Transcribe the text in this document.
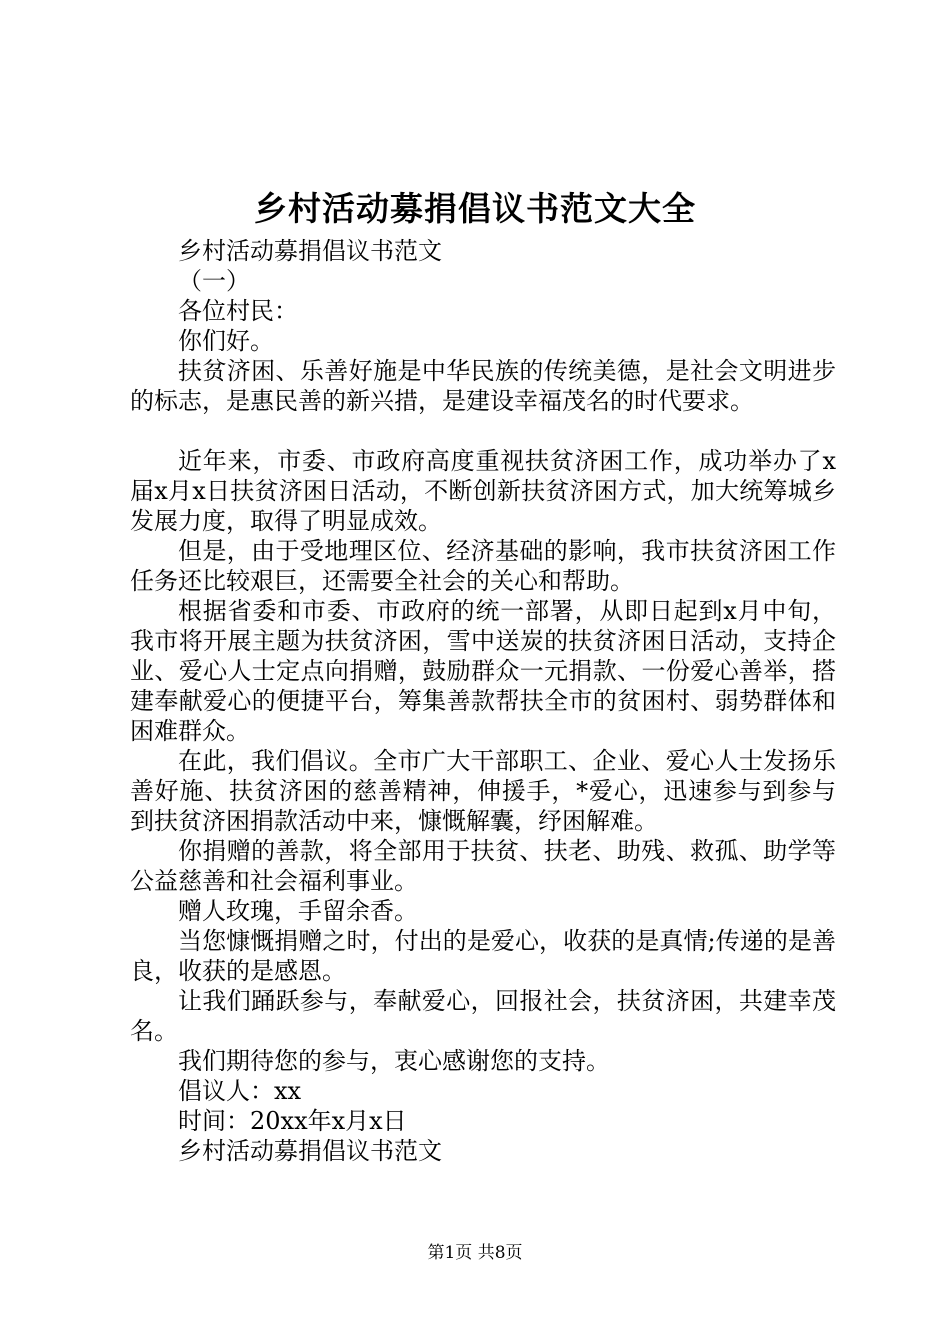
乡村活动募捐倡议书范文大全

乡村活动募捐倡议书范文

（一）

各位村民：

你们好。

扶贫济困、乐善好施是中华民族的传统美德，是社会文明进步的标志，是惠民善的新兴措，是建设幸福茂名的时代要求。

近年来，市委、市政府高度重视扶贫济困工作，成功举办了x届x月x日扶贫济困日活动，不断创新扶贫济困方式，加大统筹城乡发展力度，取得了明显成效。

但是，由于受地理区位、经济基础的影响，我市扶贫济困工作任务还比较艰巨，还需要全社会的关心和帮助。

根据省委和市委、市政府的统一部署，从即日起到x月中旬，我市将开展主题为扶贫济困，雪中送炭的扶贫济困日活动，支持企业、爱心人士定点向捐赠，鼓励群众一元捐款、一份爱心善举，搭建奉献爱心的便捷平台，筹集善款帮扶全市的贫困村、弱势群体和困难群众。

在此，我们倡议。全市广大干部职工、企业、爱心人士发扬乐善好施、扶贫济困的慈善精神，伸援手，*爱心，迅速参与到参与到扶贫济困捐款活动中来，慷慨解囊，纾困解难。

你捐赠的善款，将全部用于扶贫、扶老、助残、救孤、助学等公益慈善和社会福利事业。

赠人玫瑰，手留余香。

当您慷慨捐赠之时，付出的是爱心，收获的是真情;传递的是善良，收获的是感恩。

让我们踊跃参与，奉献爱心，回报社会，扶贫济困，共建幸茂名。

我们期待您的参与，衷心感谢您的支持。

倡议人：xx

时间：20xx年x月x日

乡村活动募捐倡议书范文

第1页 共8页
